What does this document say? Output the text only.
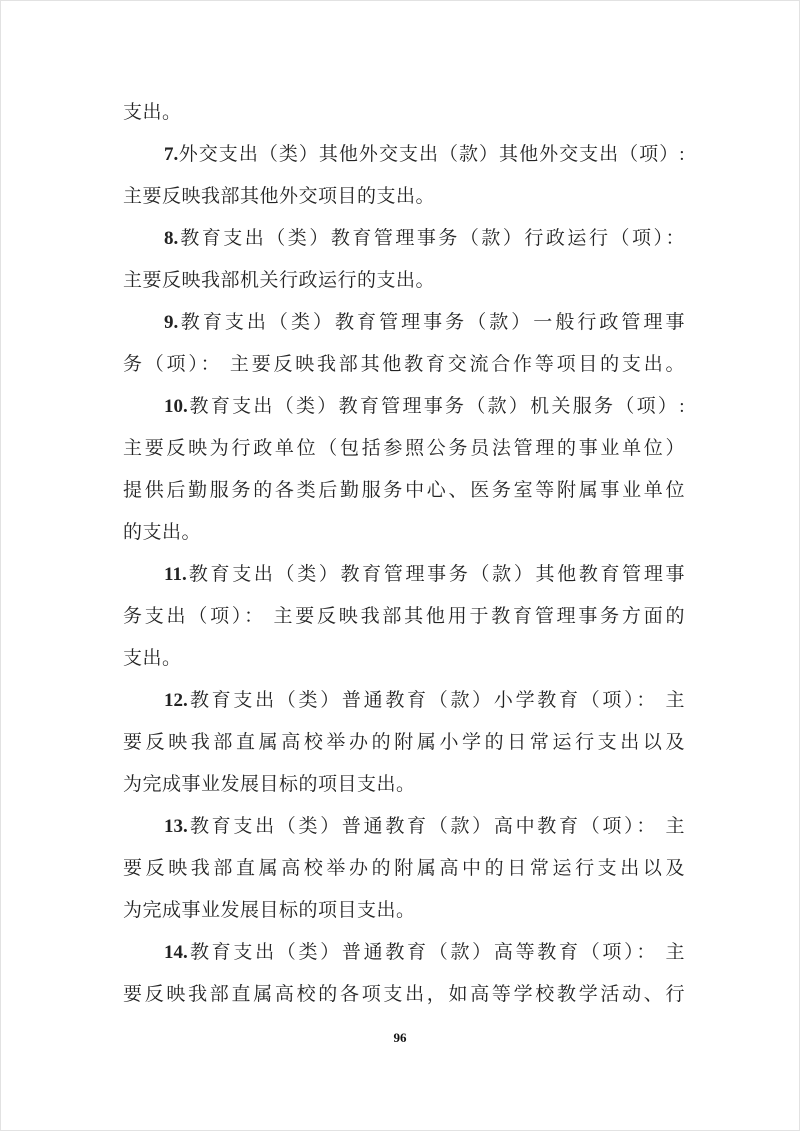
支出。
7.外交支出（类）其他外交支出（款）其他外交支出（项）:
主要反映我部其他外交项目的支出。
8.教育支出（类）教育管理事务（款）行政运行（项）：
主要反映我部机关行政运行的支出。
9.教育支出（类）教育管理事务（款）一般行政管理事
务（项）： 主要反映我部其他教育交流合作等项目的支出。
10.教育支出（类）教育管理事务（款）机关服务（项）:
主要反映为行政单位（包括参照公务员法管理的事业单位）
提供后勤服务的各类后勤服务中心、医务室等附属事业单位
的支出。
11.教育支出（类）教育管理事务（款）其他教育管理事
务支出（项）： 主要反映我部其他用于教育管理事务方面的
支出。
12.教育支出（类）普通教育（款）小学教育（项）： 主
要反映我部直属高校举办的附属小学的日常运行支出以及
为完成事业发展目标的项目支出。
13.教育支出（类）普通教育（款）高中教育（项）： 主
要反映我部直属高校举办的附属高中的日常运行支出以及
为完成事业发展目标的项目支出。
14.教育支出（类）普通教育（款）高等教育（项）： 主
要反映我部直属高校的各项支出，如高等学校教学活动、行
96
